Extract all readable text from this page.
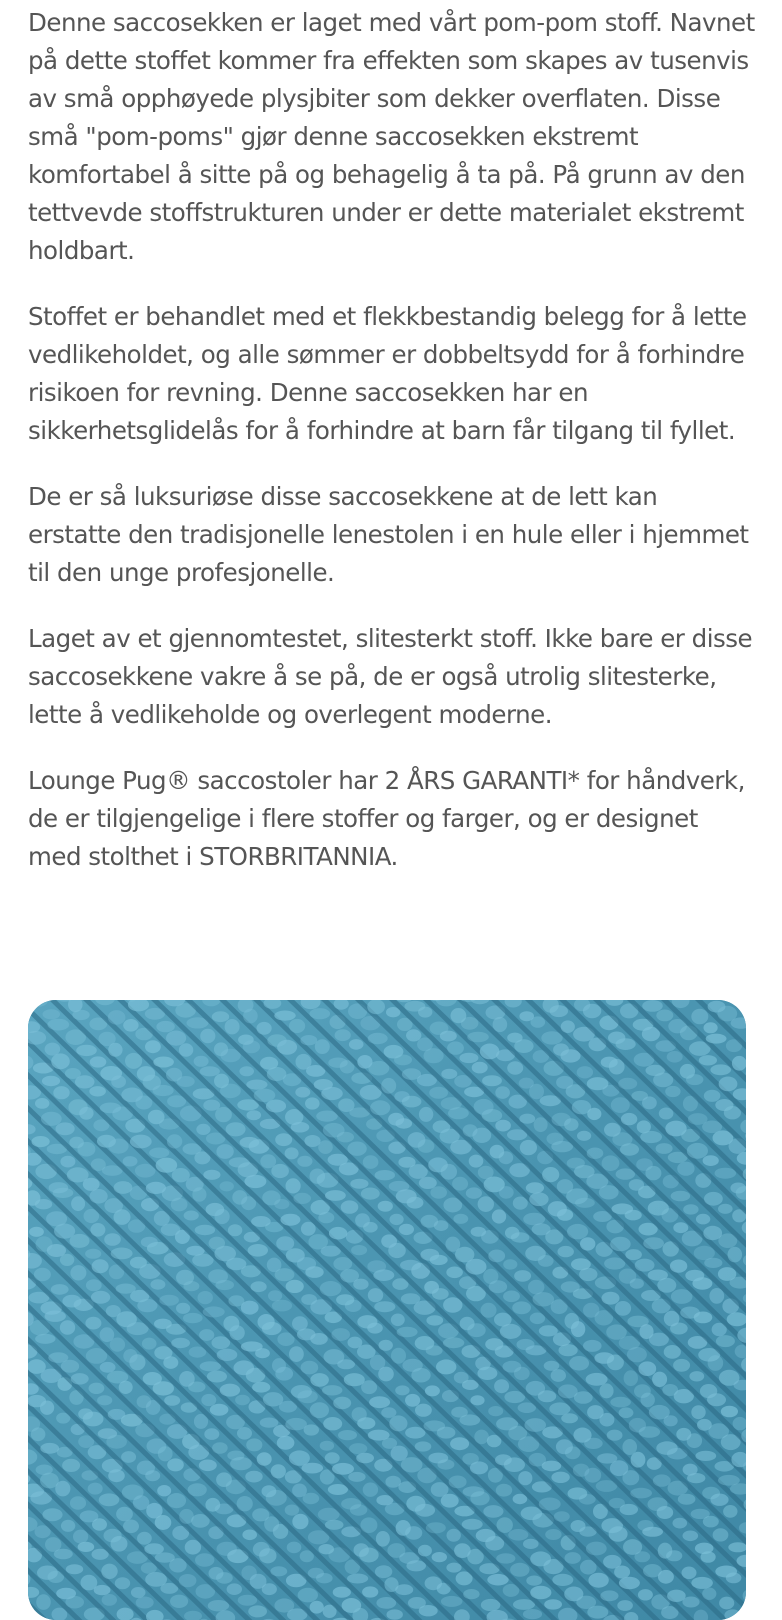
Denne saccosekken er laget med vårt pom-pom stoff. Navnet på dette stoffet kommer fra effekten som skapes av tusenvis av små opphøyede plysjbiter som dekker overflaten. Disse små "pom-poms" gjør denne saccosekken ekstremt komfortabel å sitte på og behagelig å ta på. På grunn av den tettvevde stoffstrukturen under er dette materialet ekstremt holdbart.

Stoffet er behandlet med et flekkbestandig belegg for å lette vedlikeholdet, og alle sømmer er dobbeltsydd for å forhindre risikoen for revning. Denne saccosekken har en sikkerhetsglidelås for å forhindre at barn får tilgang til fyllet.

De er så luksuriøse disse saccosekkene at de lett kan erstatte den tradisjonelle lenestolen i en hule eller i hjemmet til den unge profesjonelle.

Laget av et gjennomtestet, slitesterkt stoff. Ikke bare er disse saccosekkene vakre å se på, de er også utrolig slitesterke, lette å vedlikeholde og overlegent moderne.

Lounge Pug® saccostoler har 2 ÅRS GARANTI* for håndverk, de er tilgjengelige i flere stoffer og farger, og er designet med stolthet i STORBRITANNIA.
